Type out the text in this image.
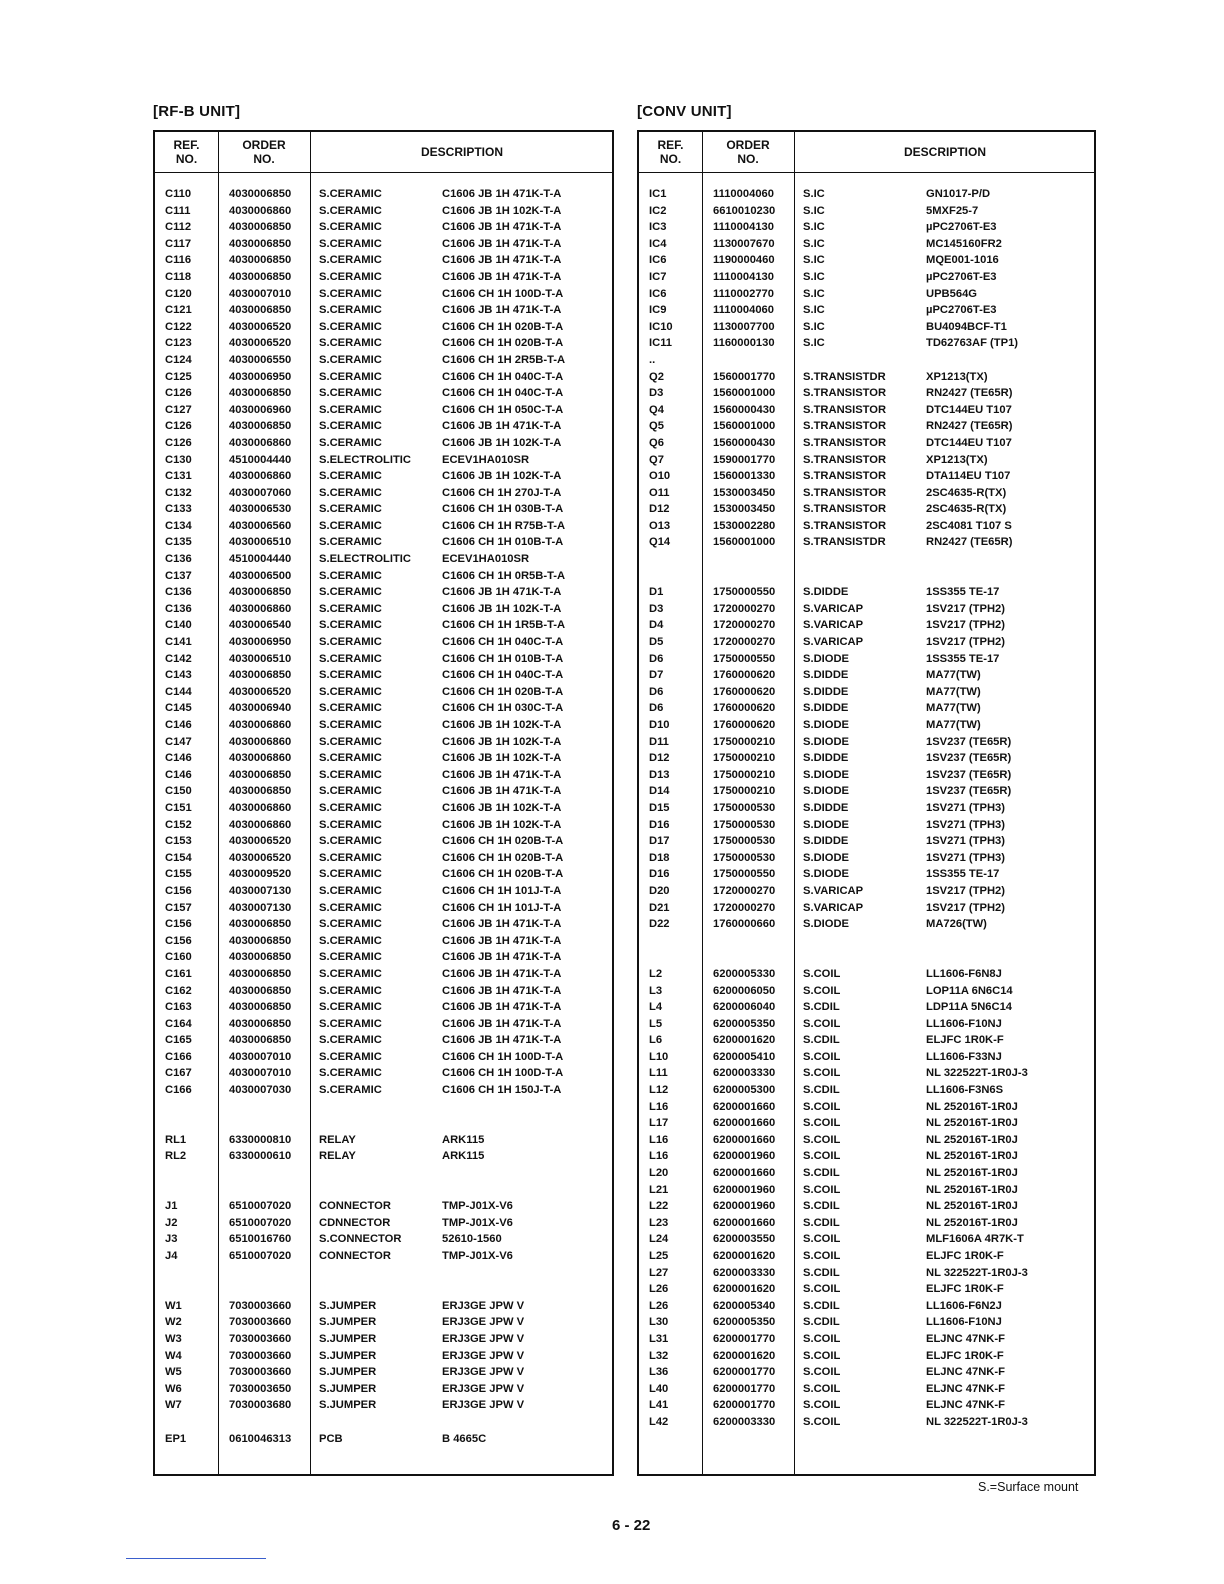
[RF-B UNIT]	[CONV UNIT]
REF.
NO.
ORDER
NO.	DESCRIPTION
C110	4030006850 S.CERAMIC	C1606 JB 1H 471K-T-A
C111	4030006860 S.CERAMIC	C1606 JB 1H 102K-T-A
C112	4030006850 S.CERAMIC	C1606 JB 1H 471K-T-A
C117	4030006850 S.CERAMIC	C1606 JB 1H 471K-T-A
C116	4030006850 S.CERAMIC	C1606 JB 1H 471K-T-A
C118	4030006850 S.CERAMIC	C1606 JB 1H 471K-T-A
C120	4030007010 S.CERAMIC	C1606 CH 1H 100D-T-A
C121	4030006850 S.CERAMIC	C1606 JB 1H 471K-T-A
C122	4030006520 S.CERAMIC	C1606 CH 1H 020B-T-A
C123	4030006520 S.CERAMIC	C1606 CH 1H 020B-T-A
C124	4030006550 S.CERAMIC	C1606 CH 1H 2R5B-T-A
C125	4030006950 S.CERAMIC	C1606 CH 1H 040C-T-A
C126	4030006850 S.CERAMIC	C1606 CH 1H 040C-T-A
C127	4030006960 S.CERAMIC	C1606 CH 1H 050C-T-A
C126	4030006850 S.CERAMIC	C1606 JB 1H 471K-T-A
C126	4030006860 S.CERAMIC	C1606 JB 1H 102K-T-A
C130	4510004440 S.ELECTROLITIC	ECEV1HA010SR
C131	4030006860 S.CERAMIC	C1606 JB 1H 102K-T-A
C132	4030007060 S.CERAMIC	C1606 CH 1H 270J-T-A
C133	4030006530 S.CERAMIC	C1606 CH 1H 030B-T-A
C134	4030006560 S.CERAMIC	C1606 CH 1H R75B-T-A
C135	4030006510 S.CERAMIC	C1606 CH 1H 010B-T-A
C136	4510004440 S.ELECTROLITIC	ECEV1HA010SR
C137	4030006500 S.CERAMIC	C1606 CH 1H 0R5B-T-A
C136	4030006850 S.CERAMIC	C1606 JB 1H 471K-T-A
C136	4030006860 S.CERAMIC	C1606 JB 1H 102K-T-A
C140	4030006540 S.CERAMIC	C1606 CH 1H 1R5B-T-A
C141	4030006950 S.CERAMIC	C1606 CH 1H 040C-T-A
C142	4030006510 S.CERAMIC	C1606 CH 1H 010B-T-A
C143	4030006850 S.CERAMIC	C1606 CH 1H 040C-T-A
C144	4030006520 S.CERAMIC	C1606 CH 1H 020B-T-A
C145	4030006940 S.CERAMIC	C1606 CH 1H 030C-T-A
C146	4030006860 S.CERAMIC	C1606 JB 1H 102K-T-A
C147	4030006860 S.CERAMIC	C1606 JB 1H 102K-T-A
C146	4030006860 S.CERAMIC	C1606 JB 1H 102K-T-A
C146	4030006850 S.CERAMIC	C1606 JB 1H 471K-T-A
C150	4030006850 S.CERAMIC	C1606 JB 1H 471K-T-A
C151	4030006860 S.CERAMIC	C1606 JB 1H 102K-T-A
C152	4030006860 S.CERAMIC	C1606 JB 1H 102K-T-A
C153	4030006520 S.CERAMIC	C1606 CH 1H 020B-T-A
C154	4030006520 S.CERAMIC	C1606 CH 1H 020B-T-A
C155	4030009520 S.CERAMIC	C1606 CH 1H 020B-T-A
C156	4030007130 S.CERAMIC	C1606 CH 1H 101J-T-A
C157	4030007130 S.CERAMIC	C1606 CH 1H 101J-T-A
C156	4030006850 S.CERAMIC	C1606 JB 1H 471K-T-A
C156	4030006850 S.CERAMIC	C1606 JB 1H 471K-T-A
C160	4030006850 S.CERAMIC	C1606 JB 1H 471K-T-A
C161	4030006850 S.CERAMIC	C1606 JB 1H 471K-T-A
C162	4030006850 S.CERAMIC	C1606 JB 1H 471K-T-A
C163	4030006850 S.CERAMIC	C1606 JB 1H 471K-T-A
C164	4030006850 S.CERAMIC	C1606 JB 1H 471K-T-A
C165	4030006850 S.CERAMIC	C1606 JB 1H 471K-T-A
C166	4030007010 S.CERAMIC	C1606 CH 1H 100D-T-A
C167	4030007010 S.CERAMIC	C1606 CH 1H 100D-T-A
C166	4030007030 S.CERAMIC	C1606 CH 1H 150J-T-A
RL1	6330000810 RELAY	ARK115
RL2	6330000610 RELAY	ARK115
J1	6510007020 CONNECTOR	TMP-J01X-V6
J2	6510007020 CDNNECTOR	TMP-J01X-V6
J3	6510016760 S.CONNECTOR	52610-1560
J4	6510007020 CONNECTOR	TMP-J01X-V6
W1	7030003660 S.JUMPER	ERJ3GE JPW V
W2	7030003660 S.JUMPER	ERJ3GE JPW V
W3	7030003660 S.JUMPER	ERJ3GE JPW V
W4	7030003660 S.JUMPER	ERJ3GE JPW V
W5	7030003660 S.JUMPER	ERJ3GE JPW V
W6	7030003650 S.JUMPER	ERJ3GE JPW V
W7	7030003680 S.JUMPER	ERJ3GE JPW V
EP1	0610046313 PCB	B 4665C
REF.
NO.
ORDER
NO.	DESCRIPTION
IC1	1110004060	S.IC	GN1017-P/D
IC2	6610010230 S.IC	5MXF25-7
IC3	1110004130	S.IC	µPC2706T-E3
IC4	1130007670	S.IC	MC145160FR2
IC6	1190000460	S.IC	MQE001-1016
IC7	1110004130	S.IC	µPC2706T-E3
IC6	1110002770	S.IC	UPB564G
IC9	1110004060	S.IC	µPC2706T-E3
IC10	1130007700	S.IC	BU4094BCF-T1
IC11	1160000130	S.IC	TD62763AF (TP1)
..
Q2	1560001770 S.TRANSISTDR	XP1213(TX)
D3	1560001000 S.TRANSISTOR	RN2427 (TE65R)
Q4	1560000430 S.TRANSISTOR	DTC144EU T107
Q5	1560001000 S.TRANSISTOR	RN2427 (TE65R)
Q6	1560000430 S.TRANSISTOR	DTC144EU T107
Q7	1590001770 S.TRANSISTOR	XP1213(TX)
O10	1560001330 S.TRANSISTOR	DTA114EU T107
O11	1530003450 S.TRANSISTOR	2SC4635-R(TX)
D12	1530003450 S.TRANSISTOR	2SC4635-R(TX)
O13	1530002280 S.TRANSISTOR	2SC4081 T107 S
Q14	1560001000 S.TRANSISTDR	RN2427 (TE65R)
D1	1750000550 S.DIDDE	1SS355 TE-17
D3	1720000270 S.VARICAP	1SV217 (TPH2)
D4	1720000270 S.VARICAP	1SV217 (TPH2)
D5	1720000270 S.VARICAP	1SV217 (TPH2)
D6	1750000550 S.DIODE	1SS355 TE-17
D7	1760000620 S.DIDDE	MA77(TW)
D6	1760000620 S.DIDDE	MA77(TW)
D6	1760000620 S.DIDDE	MA77(TW)
D10	1760000620 S.DIODE	MA77(TW)
D11	1750000210 S.DIODE	1SV237 (TE65R)
D12	1750000210 S.DIDDE	1SV237 (TE65R)
D13	1750000210 S.DIODE	1SV237 (TE65R)
D14	1750000210 S.DIODE	1SV237 (TE65R)
D15	1750000530 S.DIDDE	1SV271 (TPH3)
D16	1750000530 S.DIODE	1SV271 (TPH3)
D17	1750000530 S.DIDDE	1SV271 (TPH3)
D18	1750000530 S.DIODE	1SV271 (TPH3)
D16	1750000550 S.DIODE	1SS355 TE-17
D20	1720000270 S.VARICAP	1SV217 (TPH2)
D21	1720000270 S.VARICAP	1SV217 (TPH2)
D22	1760000660 S.DIODE	MA726(TW)
L2	6200005330 S.COIL	LL1606-F6N8J
L3	6200006050 S.COIL	LOP11A 6N6C14
L4	6200006040 S.CDIL	LDP11A 5N6C14
L5	6200005350 S.COIL	LL1606-F10NJ
L6	6200001620 S.CDIL	ELJFC 1R0K-F
L10	6200005410 S.COIL	LL1606-F33NJ
L11	6200003330 S.COIL	NL 322522T-1R0J-3
L12	6200005300 S.CDIL	LL1606-F3N6S
L16	6200001660 S.COIL	NL 252016T-1R0J
L17	6200001660 S.COIL	NL 252016T-1R0J
L16	6200001660 S.COIL	NL 252016T-1R0J
L16	6200001960 S.COIL	NL 252016T-1R0J
L20	6200001660 S.CDIL	NL 252016T-1R0J
L21	6200001960 S.COIL	NL 252016T-1R0J
L22	6200001960 S.CDIL	NL 252016T-1R0J
L23	6200001660 S.CDIL	NL 252016T-1R0J
L24	6200003550 S.COIL	MLF1606A 4R7K-T
L25	6200001620 S.COIL	ELJFC 1R0K-F
L27	6200003330 S.CDIL	NL 322522T-1R0J-3
L26	6200001620 S.COIL	ELJFC 1R0K-F
L26	6200005340 S.CDIL	LL1606-F6N2J
L30	6200005350 S.CDIL	LL1606-F10NJ
L31	6200001770 S.COIL	ELJNC 47NK-F
L32	6200001620 S.COIL	ELJFC 1R0K-F
L36	6200001770 S.COIL	ELJNC 47NK-F
L40	6200001770 S.COIL	ELJNC 47NK-F
L41	6200001770 S.COIL	ELJNC 47NK-F
L42	6200003330 S.COIL	NL 322522T-1R0J-3
S.=Surface mount
6 - 22
